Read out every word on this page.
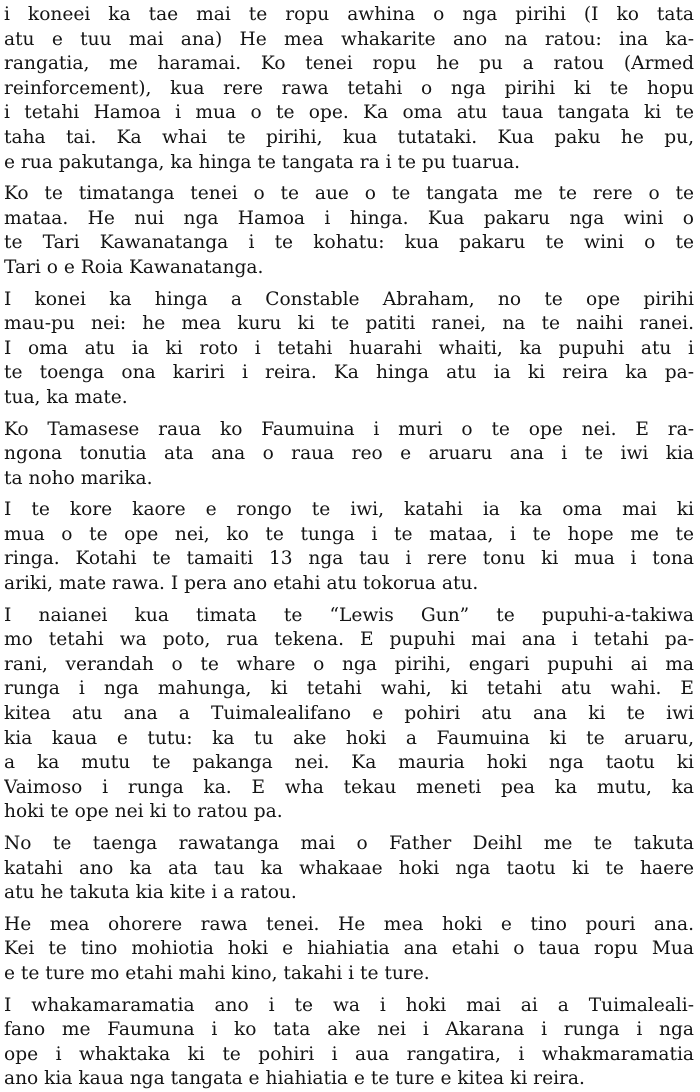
i koneei ka tae mai te ropu awhina o nga pirihi (I ko tata
atu e tuu mai ana) He mea whakarite ano na ratou: ina ka-
rangatia, me haramai. Ko tenei ropu he pu a ratou (Armed
reinforcement), kua rere rawa tetahi o nga pirihi ki te hopu
i tetahi Hamoa i mua o te ope. Ka oma atu taua tangata ki te
taha tai. Ka whai te pirihi, kua tutataki. Kua paku he pu,
e rua pakutanga, ka hinga te tangata ra i te pu tuarua.
Ko te timatanga tenei o te aue o te tangata me te rere o te
mataa. He nui nga Hamoa i hinga. Kua pakaru nga wini o
te Tari Kawanatanga i te kohatu: kua pakaru te wini o te
Tari o e Roia Kawanatanga.
I konei ka hinga a Constable Abraham, no te ope pirihi
mau-pu nei: he mea kuru ki te patiti ranei, na te naihi ranei.
I oma atu ia ki roto i tetahi huarahi whaiti, ka pupuhi atu i
te toenga ona kariri i reira. Ka hinga atu ia ki reira ka pa-
tua, ka mate.
Ko Tamasese raua ko Faumuina i muri o te ope nei. E ra-
ngona tonutia ata ana o raua reo e aruaru ana i te iwi kia
ta noho marika.
I te kore kaore e rongo te iwi, katahi ia ka oma mai ki
mua o te ope nei, ko te tunga i te mataa, i te hope me te
ringa. Kotahi te tamaiti 13 nga tau i rere tonu ki mua i tona
ariki, mate rawa. I pera ano etahi atu tokorua atu.
I naianei kua timata te “Lewis Gun” te pupuhi-a-takiwa
mo tetahi wa poto, rua tekena. E pupuhi mai ana i tetahi pa-
rani, verandah o te whare o nga pirihi, engari pupuhi ai ma
runga i nga mahunga, ki tetahi wahi, ki tetahi atu wahi. E
kitea atu ana a Tuimalealifano e pohiri atu ana ki te iwi
kia kaua e tutu: ka tu ake hoki a Faumuina ki te aruaru,
a ka mutu te pakanga nei. Ka mauria hoki nga taotu ki
Vaimoso i runga ka. E wha tekau meneti pea ka mutu, ka
hoki te ope nei ki to ratou pa.
No te taenga rawatanga mai o Father Deihl me te takuta
katahi ano ka ata tau ka whakaae hoki nga taotu ki te haere
atu he takuta kia kite i a ratou.
He mea ohorere rawa tenei. He mea hoki e tino pouri ana.
Kei te tino mohiotia hoki e hiahiatia ana etahi o taua ropu Mua
e te ture mo etahi mahi kino, takahi i te ture.
I whakamaramatia ano i te wa i hoki mai ai a Tuimaleali-
fano me Faumuna i ko tata ake nei i Akarana i runga i nga
ope i whaktaka ki te pohiri i aua rangatira, i whakmaramatia
ano kia kaua nga tangata e hiahiatia e te ture e kitea ki reira.
